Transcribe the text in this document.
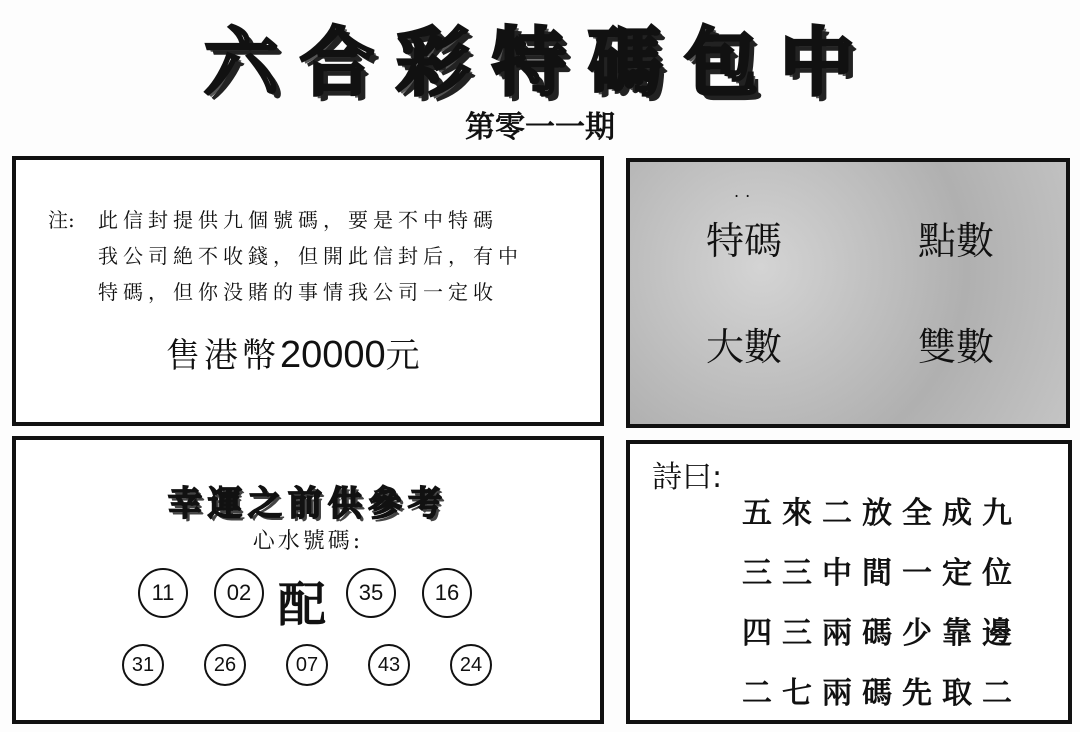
六合彩特碼包中
第零一一期
注: 此信封提供九個號碼，要是不中特碼
我公司絶不收錢，但開此信封后，有中
特碼，但你没賭的事情我公司一定收
售港幣20000元
..
特碼	點數
大數	雙數
幸運之前供參考
心水號碼:
11	02 配	35	16
31	26	07	43	24
詩曰:
五來二放全成九
三三中間一定位
四三兩碼少靠邊
二七兩碼先取二
